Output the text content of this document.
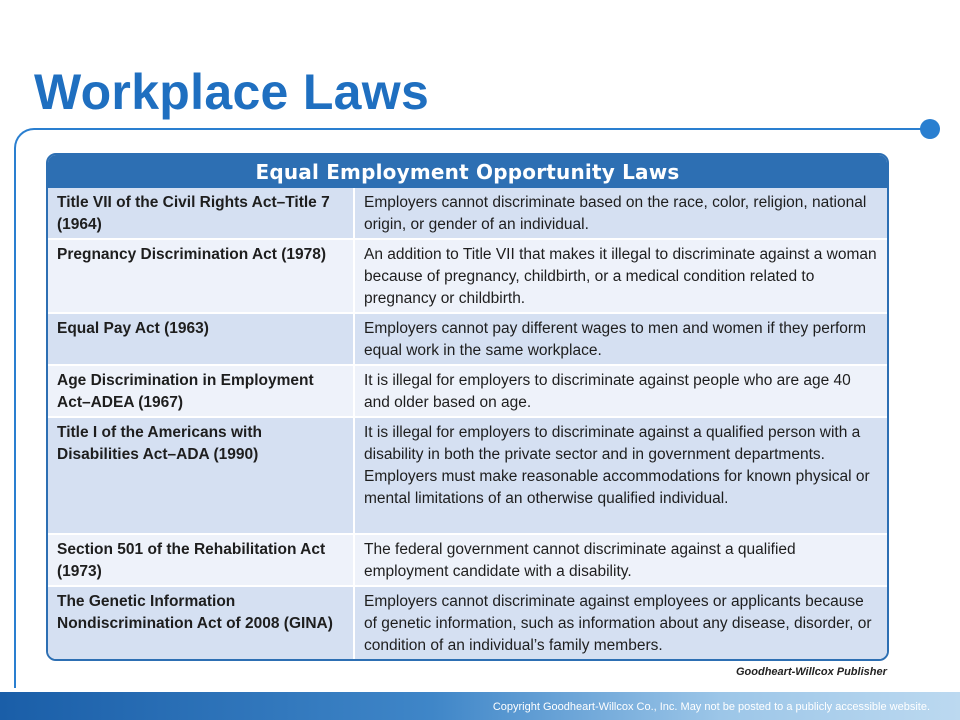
Workplace Laws
Equal Employment Opportunity Laws
Title VII of the Civil Rights Act–Title 7 (1964)
Employers cannot discriminate based on the race, color, religion, national origin, or gender of an individual.
Pregnancy Discrimination Act (1978)	An addition to Title VII that makes it illegal to discriminate against a woman because of pregnancy, childbirth, or a medical condition related to pregnancy or childbirth.
Equal Pay Act (1963)	Employers cannot pay different wages to men and women if they perform equal work in the same workplace.
Age Discrimination in Employment Act–ADEA (1967)
It is illegal for employers to discriminate against people who are age 40 and older based on age.
Title I of the Americans with Disabilities Act–ADA (1990)
It is illegal for employers to discriminate against a qualified person with a disability in both the private sector and in government departments. Employers must make reasonable accommodations for known physical or mental limitations of an otherwise qualified individual.
Section 501 of the Rehabilitation Act (1973)
The federal government cannot discriminate against a qualified employment candidate with a disability.
The Genetic Information Nondiscrimination Act of 2008 (GINA)
Employers cannot discriminate against employees or applicants because of genetic information, such as information about any disease, disorder, or condition of an individual’s family members.
Goodheart-Willcox Publisher
Copyright Goodheart-Willcox Co., Inc. May not be posted to a publicly accessible website.
